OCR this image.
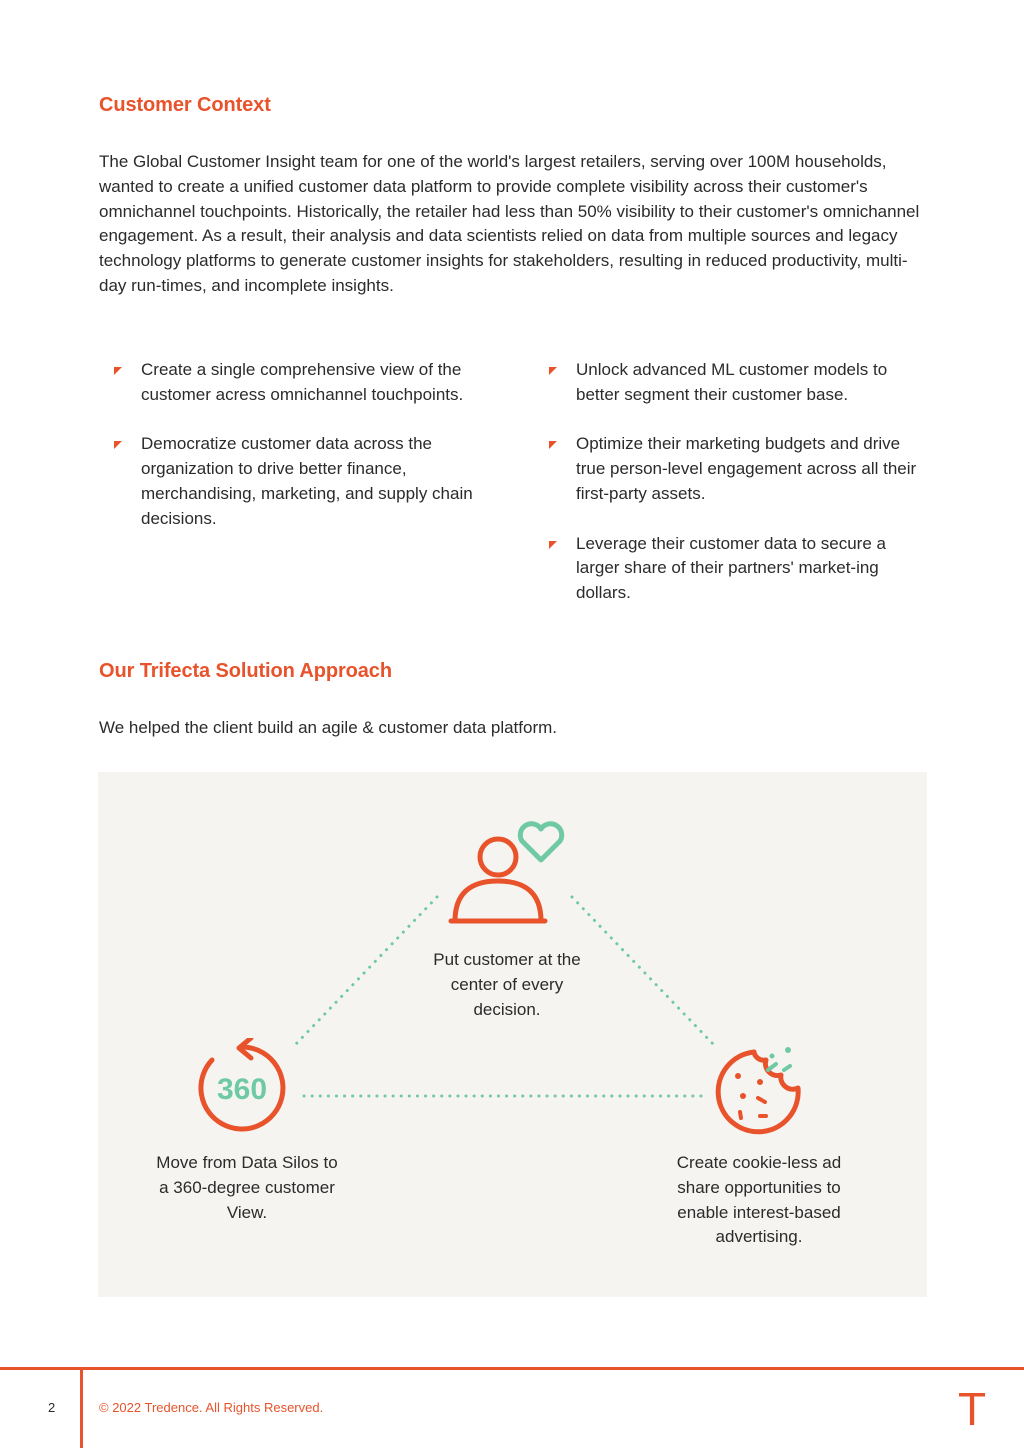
Customer Context

The Global Customer Insight team for one of the world's largest retailers, serving over 100M households, wanted to create a unified customer data platform to provide complete visibility across their customer's omnichannel touchpoints. Historically, the retailer had less than 50% visibility to their customer's omnichannel engagement. As a result, their analysis and data scientists relied on data from multiple sources and legacy technology platforms to generate customer insights for stakeholders, resulting in reduced productivity, multi-day run-times, and incomplete insights.

Create a single comprehensive view of the customer acress omnichannel touchpoints.
Democratize customer data across the organization to drive better finance, merchandising, marketing, and supply chain decisions.
Unlock advanced ML customer models to better segment their customer base.
Optimize their marketing budgets and drive true person-level engagement across all their first-party assets.
Leverage their customer data to secure a larger share of their partners' market-ing dollars.
Our Trifecta Solution Approach

We helped the client build an agile & customer data platform.

Put customer at the center of every decision.

360

Move from Data Silos to a 360-degree customer View.

Create cookie-less ad share opportunities to enable interest-based advertising.

2	© 2022 Tredence. All Rights Reserved.	T
